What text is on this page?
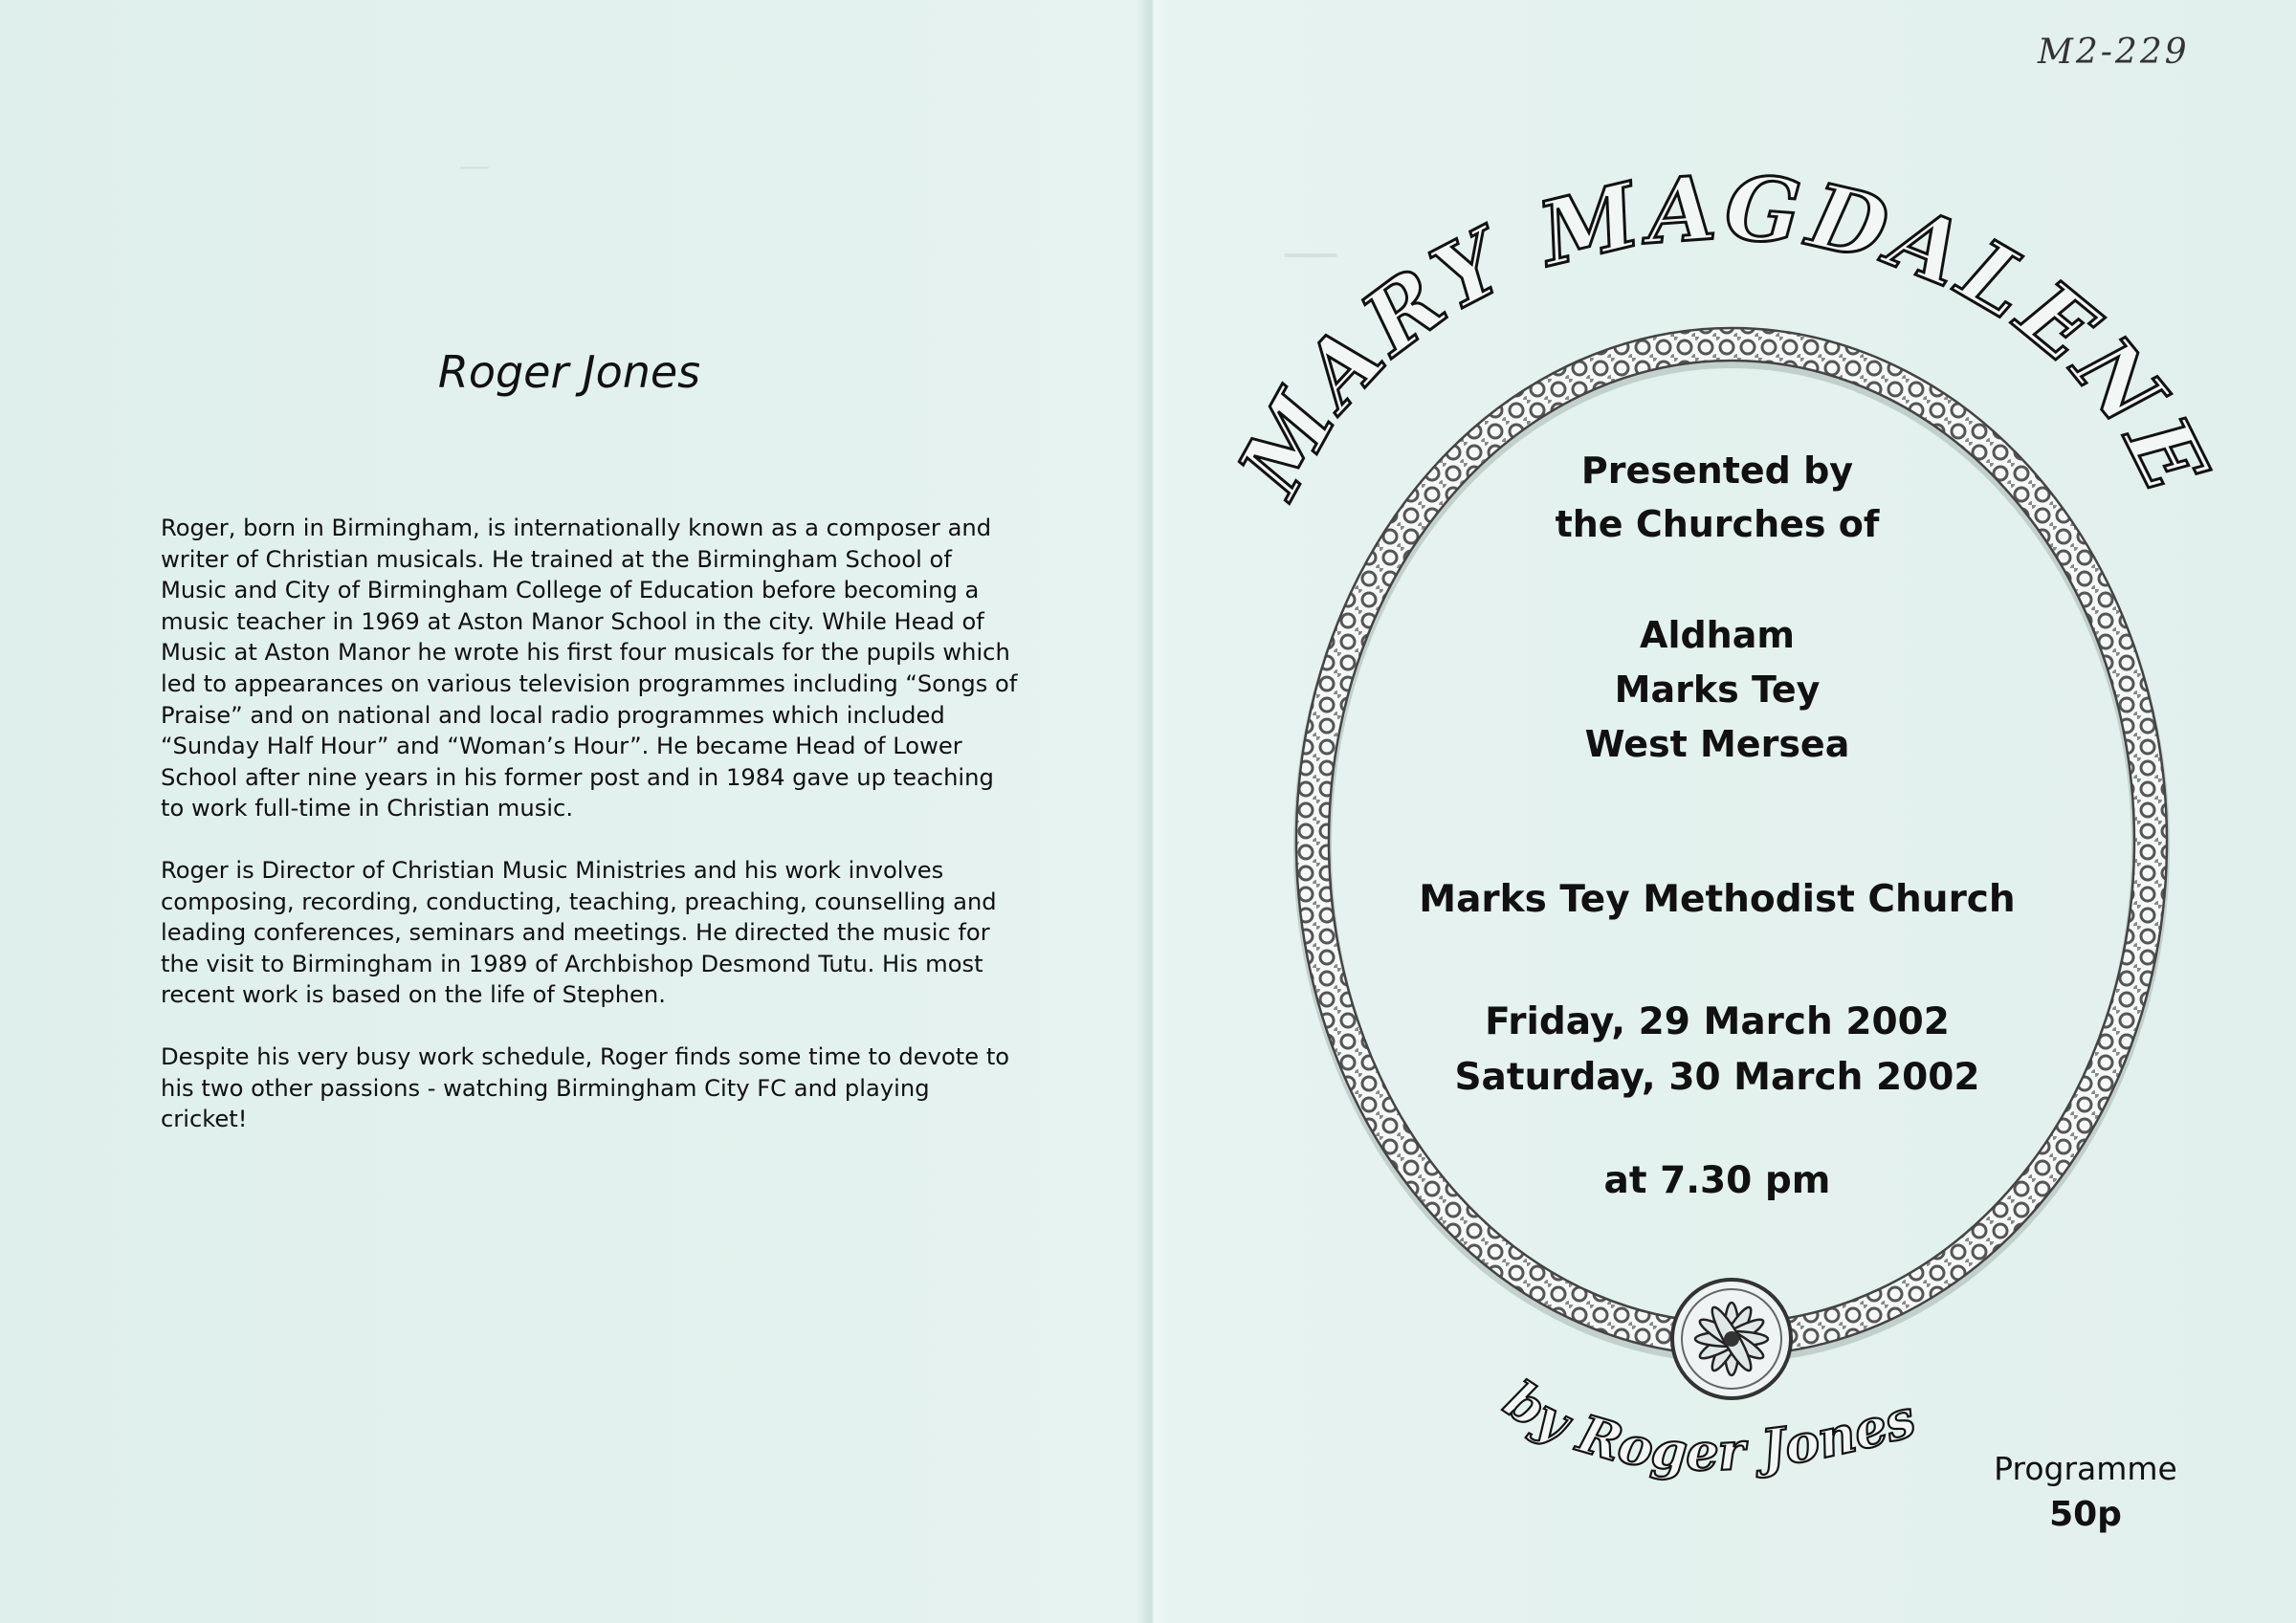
Roger Jones

Roger, born in Birmingham, is internationally known as a composer and writer of Christian musicals. He trained at the Birmingham School of Music and City of Birmingham College of Education before becoming a music teacher in 1969 at Aston Manor School in the city. While Head of Music at Aston Manor he wrote his first four musicals for the pupils which led to appearances on various television programmes including “Songs of Praise” and on national and local radio programmes which included “Sunday Half Hour” and “Woman’s Hour”. He became Head of Lower School after nine years in his former post and in 1984 gave up teaching to work full-time in Christian music.

Roger is Director of Christian Music Ministries and his work involves composing, recording, conducting, teaching, preaching, counselling and leading conferences, seminars and meetings. He directed the music for the visit to Birmingham in 1989 of Archbishop Desmond Tutu. His most recent work is based on the life of Stephen.

Despite his very busy work schedule, Roger finds some time to devote to his two other passions - watching Birmingham City FC and playing cricket!

M2-229
MARY MAGDALENE
by Roger Jones
Presented by
the Churches of
Aldham
Marks Tey
West Mersea
Marks Tey Methodist Church
Friday, 29 March 2002
Saturday, 30 March 2002
at 7.30 pm
Programme
50p
